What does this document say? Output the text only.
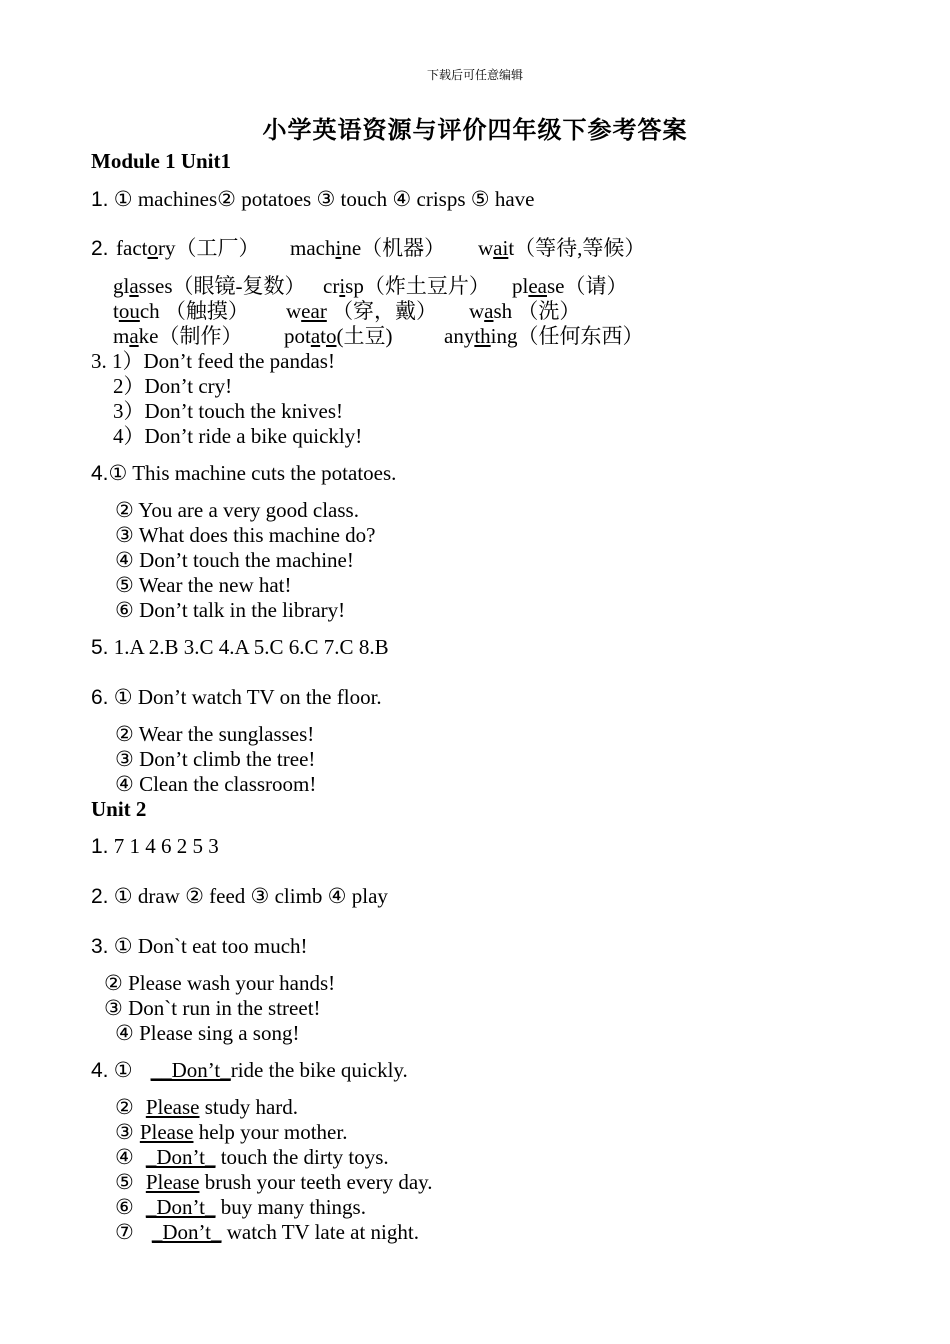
下载后可任意编辑
小学英语资源与评价四年级下参考答案
Module 1 Unit1
1. ① machines② potatoes ③ touch ④ crisps ⑤ have
2. factory（工厂） machine（机器） wait（等待,等候）
glasses（眼镜-复数） crisp（炸土豆片） please（请）
touch （触摸） wear （穿，戴） wash （洗）
make（制作） potato(土豆) anything（任何东西）
3. 1）Don’t feed the pandas!
2）Don’t cry!
3）Don’t touch the knives!
4）Don’t ride a bike quickly!
4.① This machine cuts the potatoes.
② You are a very good class.
③ What does this machine do?
④ Don’t touch the machine!
⑤ Wear the new hat!
⑥ Don’t talk in the library!
5. 1.A 2.B 3.C 4.A 5.C 6.C 7.C 8.B
6. ① Don’t watch TV on the floor.
② Wear the sunglasses!
③ Don’t climb the tree!
④ Clean the classroom!
Unit 2
1. 7 1 4 6 2 5 3
2. ① draw ② feed ③ climb ④ play
3. ① Don`t eat too much!
② Please wash your hands!
③ Don`t run in the street!
④ Please sing a song!
4. ① __Don’t_ride the bike quickly.
② Please study hard.
③ Please help your mother.
④ _Don’t_ touch the dirty toys.
⑤ Please brush your teeth every day.
⑥ _Don’t_ buy many things.
⑦ _Don’t_ watch TV late at night.
